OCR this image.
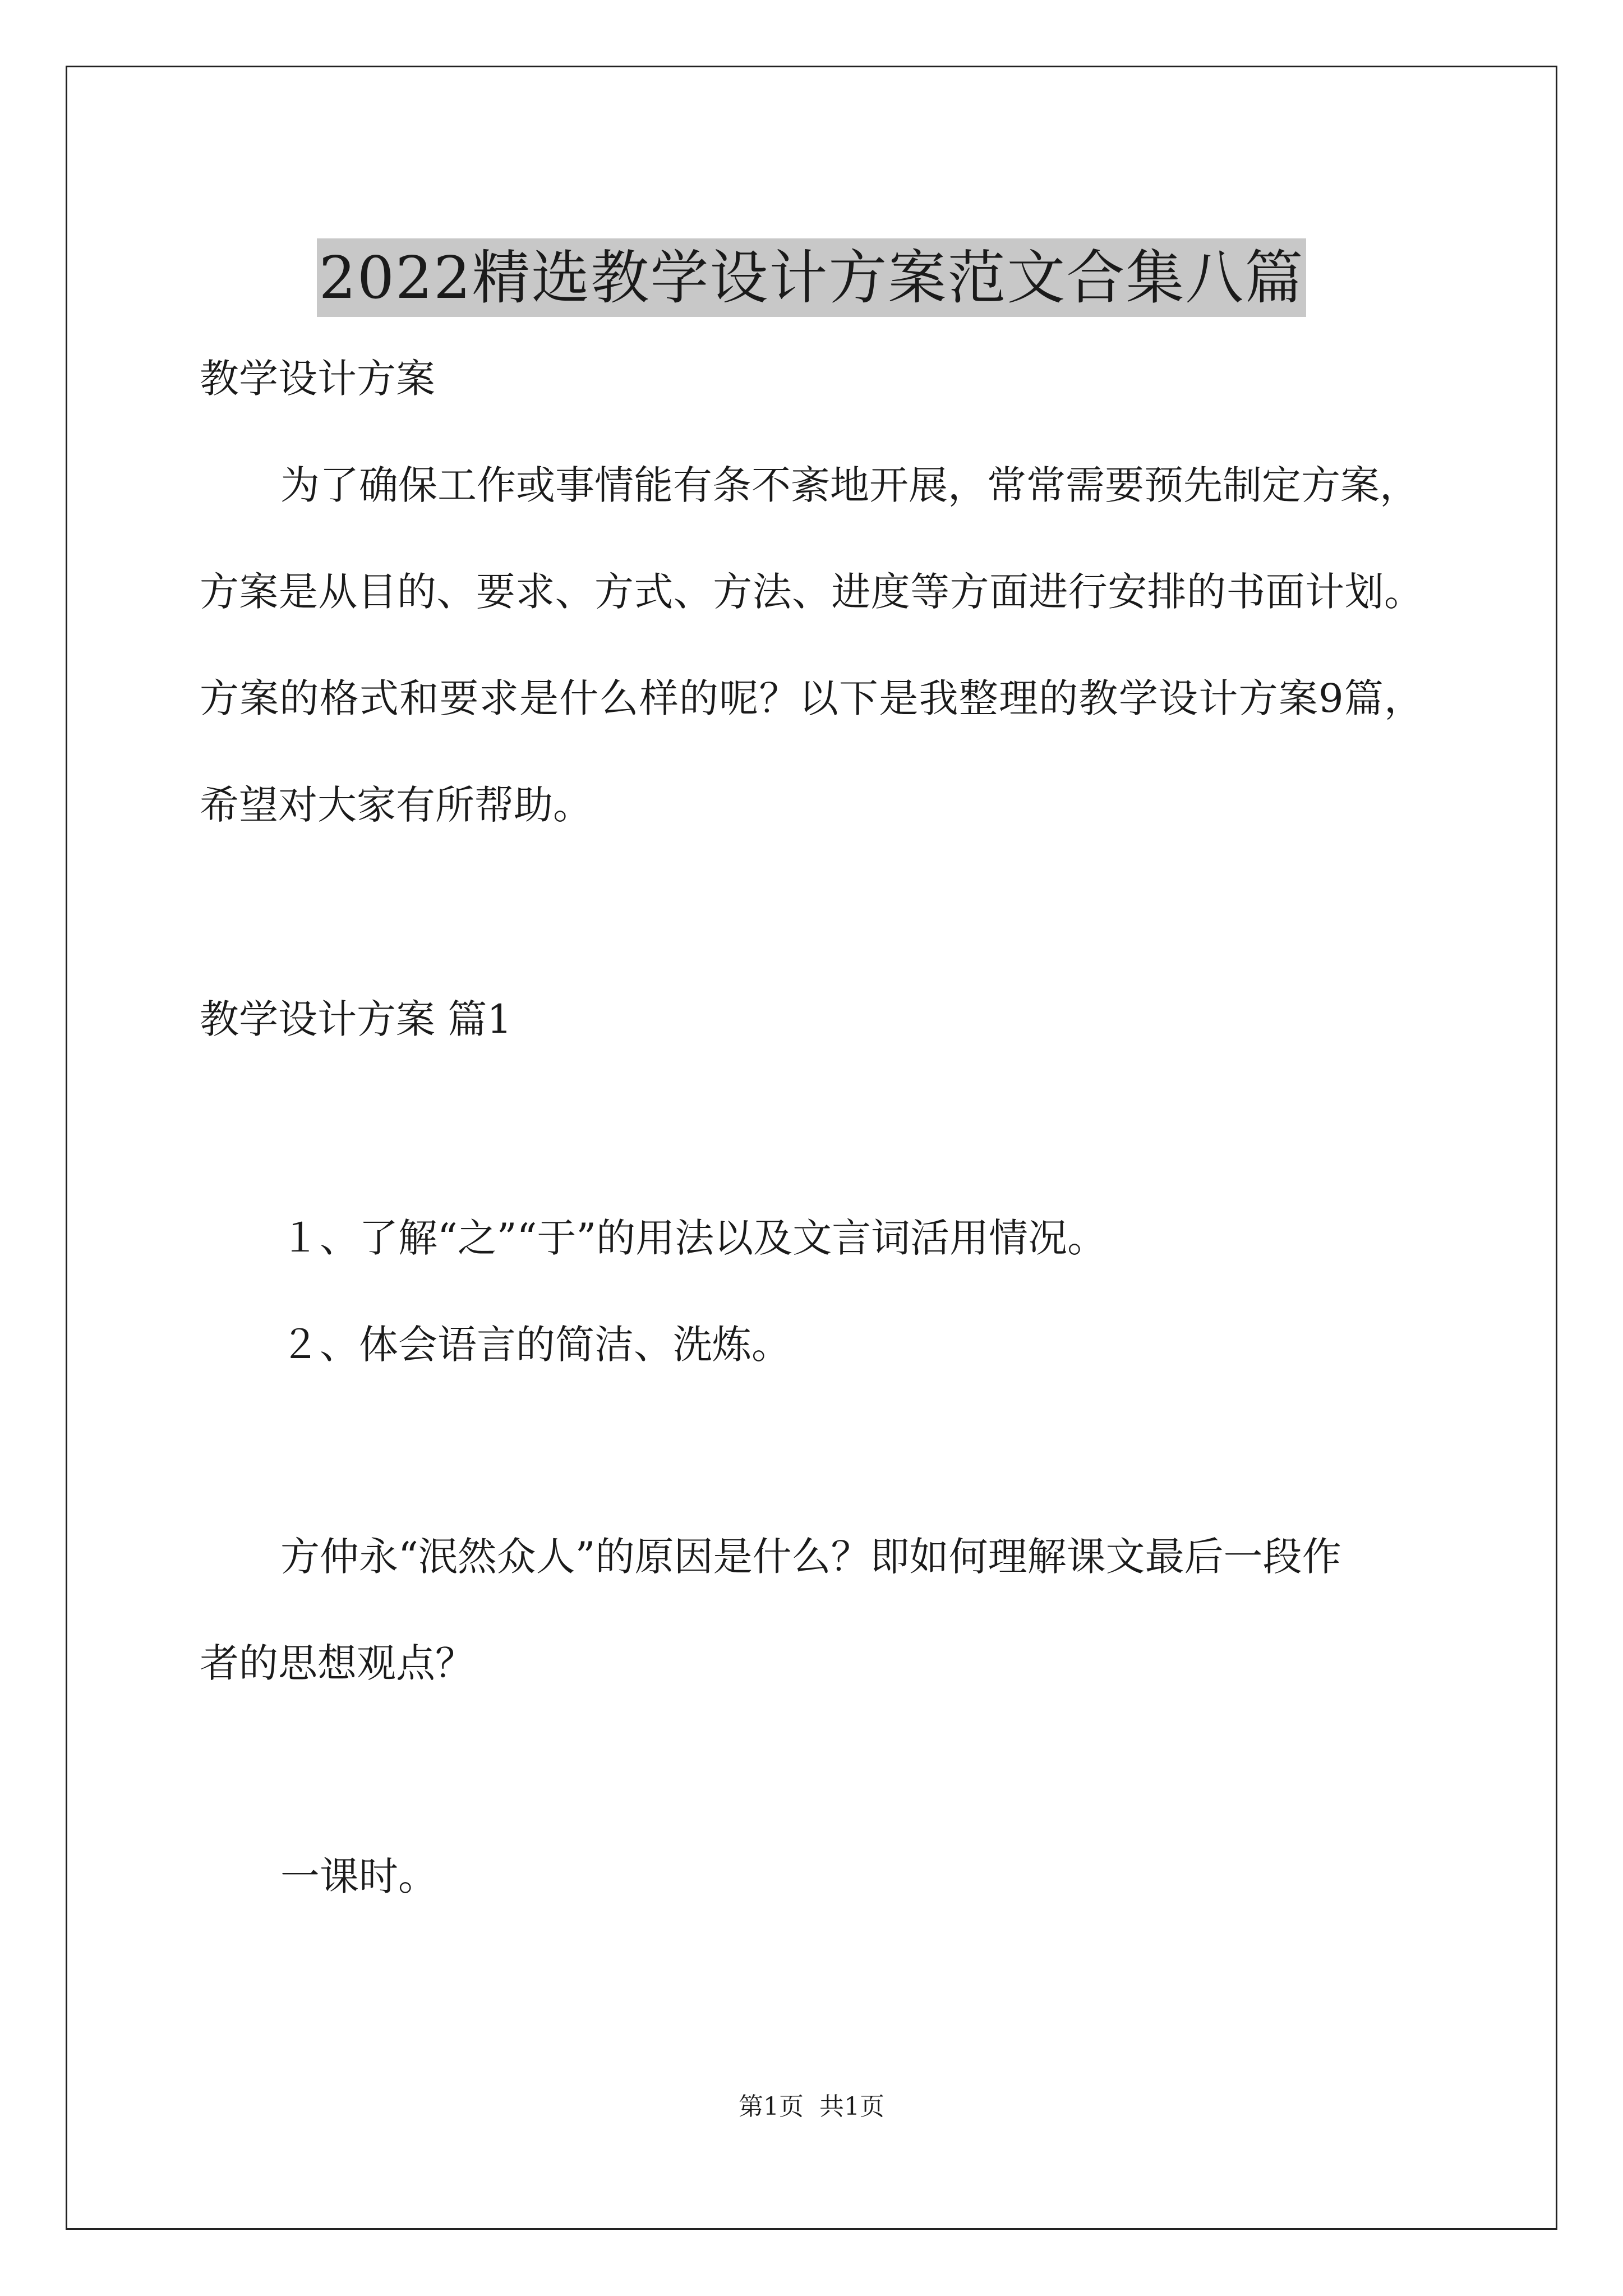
2022精选教学设计方案范文合集八篇
教学设计方案
为了确保工作或事情能有条不紊地开展，常常需要预先制定方案，
方案是从目的、要求、方式、方法、进度等方面进行安排的书面计划。
方案的格式和要求是什么样的呢？以下是我整理的教学设计方案9篇，
希望对大家有所帮助。
教学设计方案 篇1
１、了解“之”“于”的用法以及文言词活用情况。
２、体会语言的简洁、洗炼。
方仲永“泯然众人”的原因是什么？即如何理解课文最后一段作
者的思想观点？
一课时。
第1页 共1页
